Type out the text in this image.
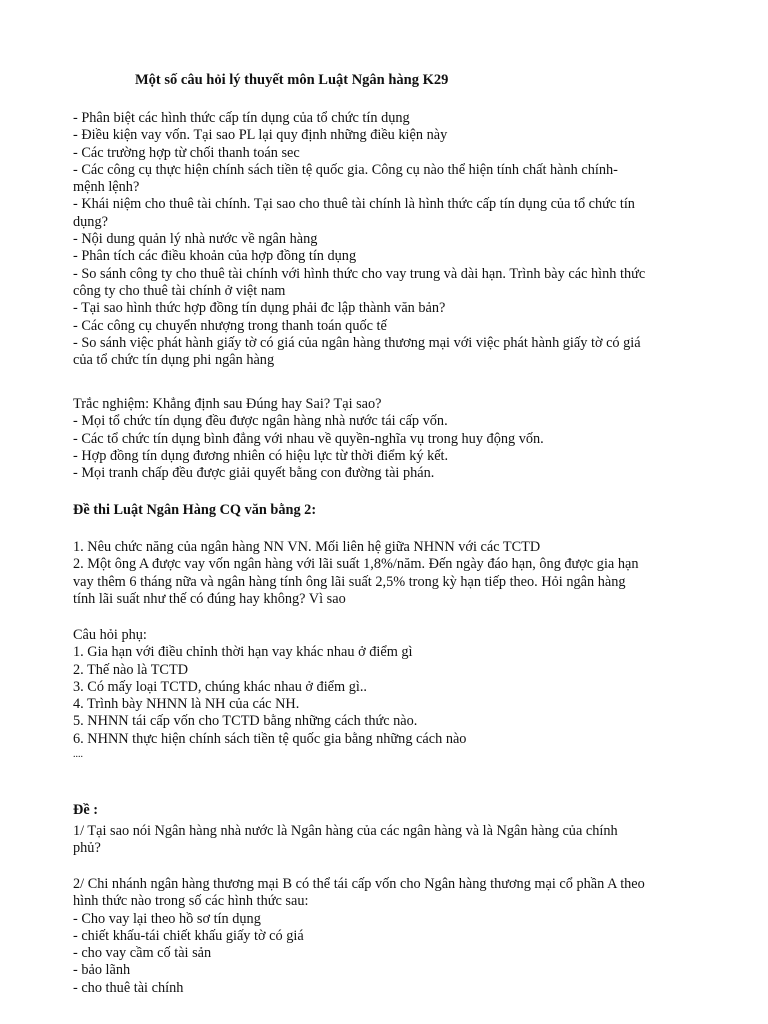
Một số câu hỏi lý thuyết môn Luật Ngân hàng K29
- Phân biệt các hình thức cấp tín dụng của tổ chức tín dụng
- Điều kiện vay vốn. Tại sao PL lại quy định những điều kiện này
- Các trường hợp từ chối thanh toán sec
- Các công cụ thực hiện chính sách tiền tệ quốc gia. Công cụ nào thể hiện tính chất hành chính-
mệnh lệnh?
- Khái niệm cho thuê tài chính. Tại sao cho thuê tài chính là hình thức cấp tín dụng của tổ chức tín
dụng?
- Nội dung quản lý nhà nước về ngân hàng
- Phân tích các điều khoản của hợp đồng tín dụng
- So sánh công ty cho thuê tài chính với hình thức cho vay trung và dài hạn. Trình bày các hình thức
công ty cho thuê tài chính ở việt nam
- Tại sao hình thức hợp đồng tín dụng phải đc lập thành văn bản?
- Các công cụ chuyển nhượng trong thanh toán quốc tế
- So sánh việc phát hành giấy tờ có giá của ngân hàng thương mại với việc phát hành giấy tờ có giá
của tổ chức tín dụng phi ngân hàng
Trắc nghiệm: Khẳng định sau Đúng hay Sai? Tại sao?
- Mọi tổ chức tín dụng đều được ngân hàng nhà nước tái cấp vốn.
- Các tổ chức tín dụng bình đẳng với nhau về quyền-nghĩa vụ trong huy động vốn.
- Hợp đồng tín dụng đương nhiên có hiệu lực từ thời điểm ký kết.
- Mọi tranh chấp đều được giải quyết bằng con đường tài phán.
Đề thi Luật Ngân Hàng CQ văn bằng 2:
1. Nêu chức năng của ngân hàng NN VN. Mối liên hệ giữa NHNN với các TCTD
2. Một ông A được vay vốn ngân hàng với lãi suất 1,8%/năm. Đến ngày đáo hạn, ông được gia hạn
vay thêm 6 tháng nữa và ngân hàng tính ông lãi suất 2,5% trong kỳ hạn tiếp theo. Hỏi ngân hàng
tính lãi suất như thế có đúng hay không? Vì sao
Câu hỏi phụ:
1. Gia hạn với điều chỉnh thời hạn vay khác nhau ở điểm gì
2. Thế nào là TCTD
3. Có mấy loại TCTD, chúng khác nhau ở điểm gì..
4. Trình bày NHNN là NH của các NH.
5. NHNN tái cấp vốn cho TCTD bằng những cách thức nào.
6. NHNN thực hiện chính sách tiền tệ quốc gia bằng những cách nào
....
Đề :
1/ Tại sao nói Ngân hàng nhà nước là Ngân hàng của các ngân hàng và là Ngân hàng của chính
phủ?
2/ Chi nhánh ngân hàng thương mại B có thể tái cấp vốn cho Ngân hàng thương mại cổ phần A theo
hình thức nào trong số các hình thức sau:
- Cho vay lại theo hồ sơ tín dụng
- chiết khấu-tái chiết khấu giấy tờ có giá
- cho vay cầm cố tài sản
- bảo lãnh
- cho thuê tài chính
